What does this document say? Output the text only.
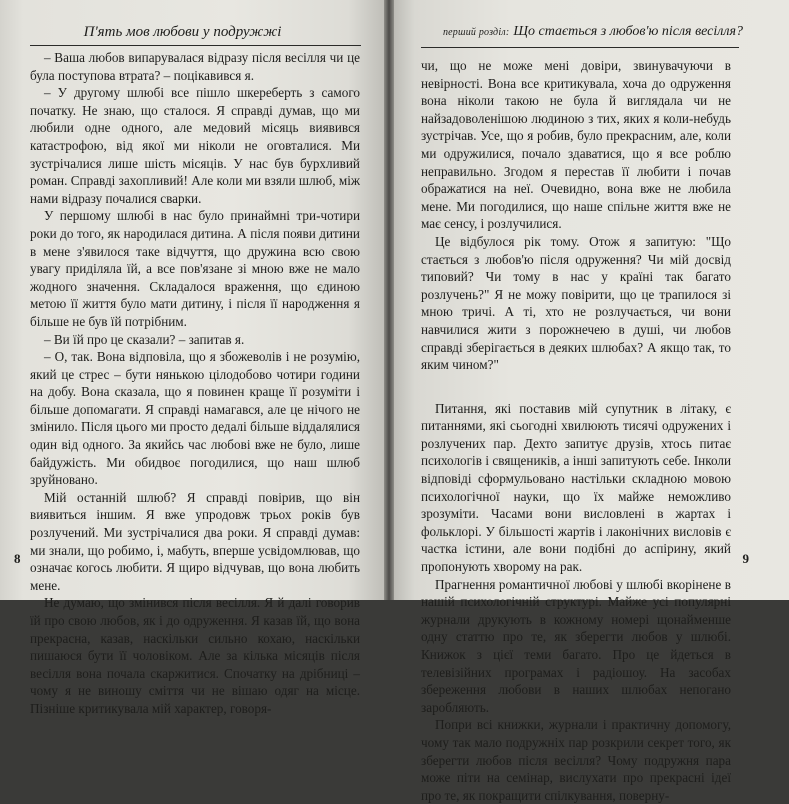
П'ять мов любови у подружжі

– Ваша любов випарувалася відразу після весілля чи це була поступова втрата? – поцікавився я.

– У другому шлюбі все пішло шкереберть з самого початку. Не знаю, що сталося. Я справді думав, що ми любили одне одного, але медовий місяць виявився катастрофою, від якої ми ніколи не оговталися. Ми зустрічалися лише шість місяців. У нас був бурхливий роман. Справді захопливий! Але коли ми взяли шлюб, між нами відразу почалися сварки.

У першому шлюбі в нас було принаймні три-чотири роки до того, як народилася дитина. А після появи дитини в мене з'явилося таке відчуття, що дружина всю свою увагу приділяла їй, а все пов'язане зі мною вже не мало жодного значення. Складалося враження, що єдиною метою її життя було мати дитину, і після її народження я більше не був їй потрібним.

– Ви їй про це сказали? – запитав я.

– О, так. Вона відповіла, що я збожеволів і не розумію, який це стрес – бути нянькою цілодобово чотири години на добу. Вона сказала, що я повинен краще її розуміти і більше допомагати. Я справді намагався, але це нічого не змінило. Після цього ми просто дедалі більше віддалялися один від одного. За якийсь час любові вже не було, лише байдужість. Ми обидвоє погодилися, що наш шлюб зруйновано.

Мій останній шлюб? Я справді повірив, що він виявиться іншим. Я вже упродовж трьох років був розлучений. Ми зустрічалися два роки. Я справді думав: ми знали, що робимо, і, мабуть, вперше усвідомлював, що означає когось любити. Я щиро відчував, що вона любить мене.

Не думаю, що змінився після весілля. Я й далі говорив їй про свою любов, як і до одруження. Я казав їй, що вона прекрасна, казав, наскільки сильно кохаю, наскільки пишаюся бути її чоловіком. Але за кілька місяців після весілля вона почала скаржитися. Спочатку на дрібниці – чому я не виношу сміття чи не вішаю одяг на місце. Пізніше критикувала мій характер, говоря-

8
перший розділ: Що стається з любов'ю після весілля?

чи, що не може мені довіри, звинувачуючи в невірності. Вона все критикувала, хоча до одруження вона ніколи такою не була й виглядала чи не найзадоволенішою людиною з тих, яких я коли-небудь зустрічав. Усе, що я робив, було прекрасним, але, коли ми одружилися, почало здаватися, що я все роблю неправильно. Згодом я перестав її любити і почав ображатися на неї. Очевидно, вона вже не любила мене. Ми погодилися, що наше спільне життя вже не має сенсу, і розлучилися.

Це відбулося рік тому. Отож я запитую: "Що стається з любов'ю після одруження? Чи мій досвід типовий? Чи тому в нас у країні так багато розлучень?" Я не можу повірити, що це трапилося зі мною тричі. А ті, хто не розлучається, чи вони навчилися жити з порожнечею в душі, чи любов справді зберігається в деяких шлюбах? А якщо так, то яким чином?"

Питання, які поставив мій супутник в літаку, є питаннями, які сьогодні хвилюють тисячі одружених і розлучених пар. Дехто запитує друзів, хтось питає психологів і священиків, а інші запитують себе. Інколи відповіді сформульовано настільки складною мовою психологічної науки, що їх майже неможливо зрозуміти. Часами вони висловлені в жартах і фольклорі. У більшості жартів і лаконічних висловів є частка істини, але вони подібні до аспірину, який пропонують хворому на рак.

Прагнення романтичної любові у шлюбі вкорінене в нашій психологічній структурі. Майже усі популярні журнали друкують в кожному номері щонайменше одну статтю про те, як зберегти любов у шлюбі. Книжок з цієї теми багато. Про це йдеться в телевізійних програмах і радіошоу. На засобах збереження любови в наших шлюбах непогано заробляють.

Попри всі книжки, журнали і практичну допомогу, чому так мало подружніх пар розкрили секрет того, як зберегти любов після весілля? Чому подружня пара може піти на семінар, вислухати про прекрасні ідеї про те, як покращити спілкування, поверну-

9
